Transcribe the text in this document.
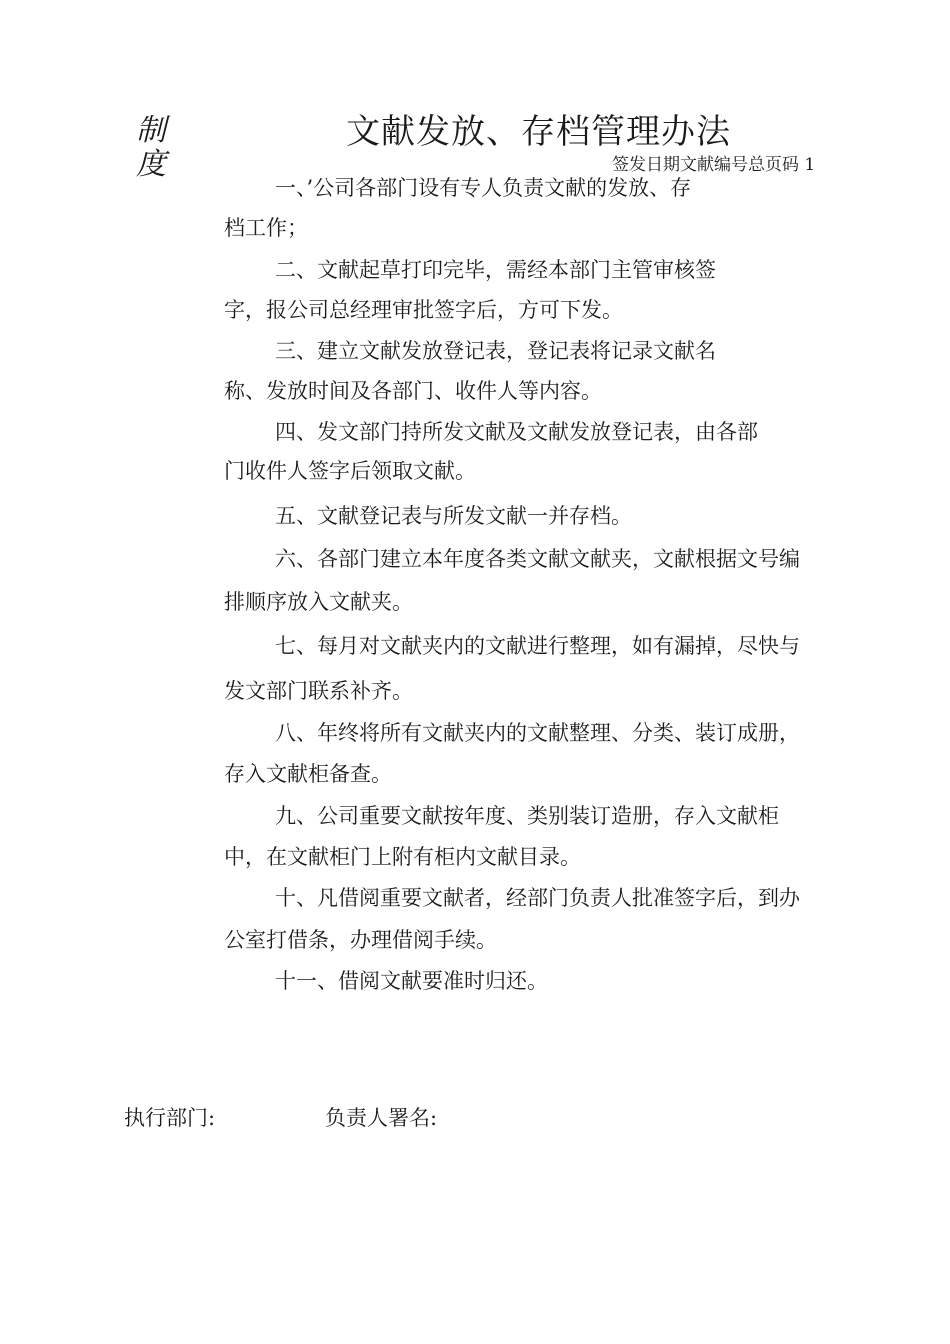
制度
文献发放、存档管理办法
签发日期文献编号总页码 1
一、’公司各部门设有专人负责文献的发放、存
档工作；
二、文献起草打印完毕，需经本部门主管审核签
字，报公司总经理审批签字后，方可下发。
三、建立文献发放登记表，登记表将记录文献名
称、发放时间及各部门、收件人等内容。
四、发文部门持所发文献及文献发放登记表，由各部
门收件人签字后领取文献。
五、文献登记表与所发文献一并存档。
六、各部门建立本年度各类文献文献夹，文献根据文号编
排顺序放入文献夹。
七、每月对文献夹内的文献进行整理，如有漏掉，尽快与
发文部门联系补齐。
八、年终将所有文献夹内的文献整理、分类、装订成册，
存入文献柜备查。
九、公司重要文献按年度、类别装订造册，存入文献柜
中，在文献柜门上附有柜内文献目录。
十、凡借阅重要文献者，经部门负责人批准签字后，到办
公室打借条，办理借阅手续。
十一、借阅文献要准时归还。
执行部门:	负责人署名:
